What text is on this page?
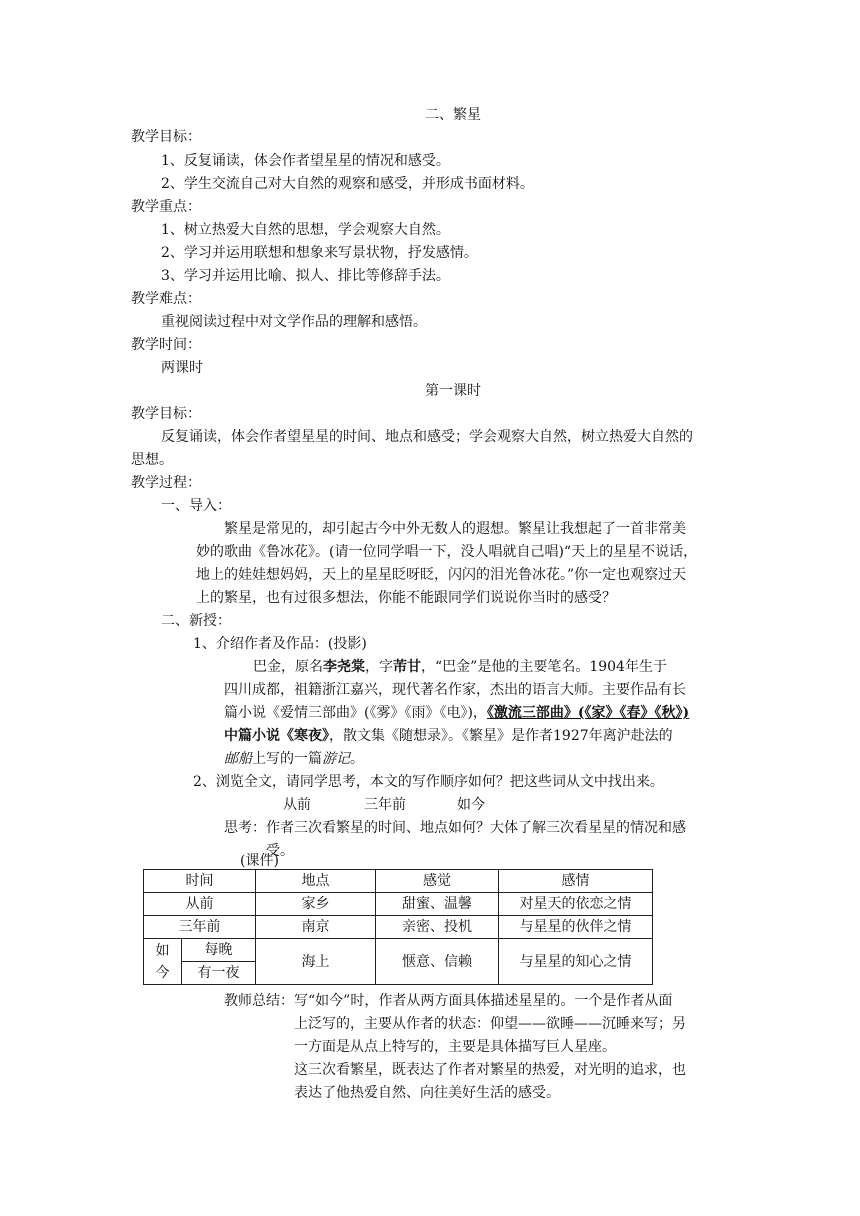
二、繁星
教学目标：
1、反复诵读，体会作者望星星的情况和感受。
2、学生交流自己对大自然的观察和感受，并形成书面材料。
教学重点：
1、树立热爱大自然的思想，学会观察大自然。
2、学习并运用联想和想象来写景状物，抒发感情。
3、学习并运用比喻、拟人、排比等修辞手法。
教学难点：
重视阅读过程中对文学作品的理解和感悟。
教学时间：
两课时
第一课时
教学目标：
反复诵读，体会作者望星星的时间、地点和感受；学会观察大自然，树立热爱大自然的
思想。
教学过程：
一、导入：
繁星是常见的，却引起古今中外无数人的遐想。繁星让我想起了一首非常美
妙的歌曲《鲁冰花》。(请一位同学唱一下，没人唱就自己唱)“天上的星星不说话，
地上的娃娃想妈妈，天上的星星眨呀眨，闪闪的泪光鲁冰花。”你一定也观察过天
上的繁星，也有过很多想法，你能不能跟同学们说说你当时的感受？
二、新授：
1、介绍作者及作品：(投影)
巴金，原名李尧棠，字芾甘，“巴金”是他的主要笔名。1904年生于
四川成都，祖籍浙江嘉兴，现代著名作家，杰出的语言大师。主要作品有长
篇小说《爱情三部曲》(《雾》《雨》《电》)，《激流三部曲》(《家》《春》《秋》)
中篇小说《寒夜》，散文集《随想录》。《繁星》是作者1927年离沪赴法的
邮船上写的一篇游记。
2、浏览全文，请同学思考，本文的写作顺序如何？把这些词从文中找出来。
从前	三年前	如今
思考：作者三次看繁星的时间、地点如何？大体了解三次看星星的情况和感
受。
(课件)
时间		地点	感觉	感情
从前		家乡	甜蜜、温馨	对星天的依恋之情
三年前		南京	亲密、投机	与星星的伙伴之情
如今	每晚	海上	惬意、信赖	与星星的知心之情
	有一夜			
教师总结：写“如今”时，作者从两方面具体描述星星的。一个是作者从面
上泛写的，主要从作者的状态：仰望——欲睡——沉睡来写；另
一方面是从点上特写的，主要是具体描写巨人星座。
这三次看繁星，既表达了作者对繁星的热爱，对光明的追求，也
表达了他热爱自然、向往美好生活的感受。
